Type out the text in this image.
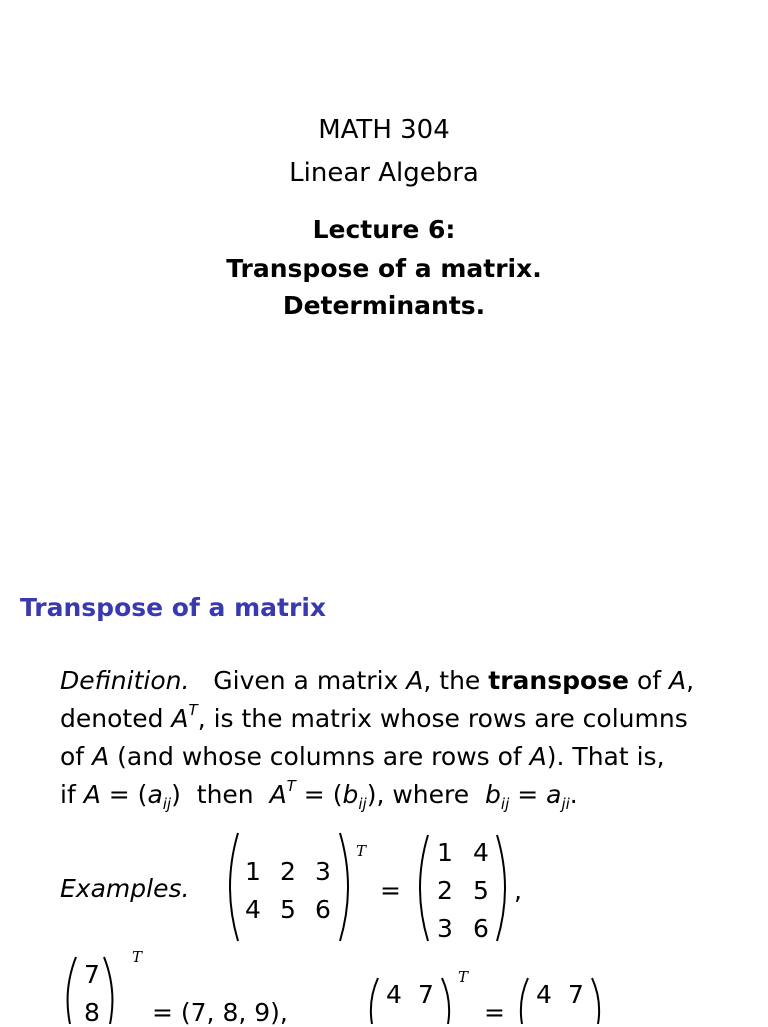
MATH 304
Linear Algebra
Lecture 6:
Transpose of a matrix.
Determinants.
Transpose of a matrix
Definition. Given a matrix A, the transpose of A,
denoted $A^T$, is the matrix whose rows are columns
of A (and whose columns are rows of A). That is,
if $A = (a_{ij})$ then $A^T = (b_{ij})$, where $b_{ij} = a_{ji}$.
Examples.
1 2 3
4 5 6
T
=
1 4
2 5
3 6
,
7
8
T
= (7, 8, 9),
4 7
T
=
4 7
